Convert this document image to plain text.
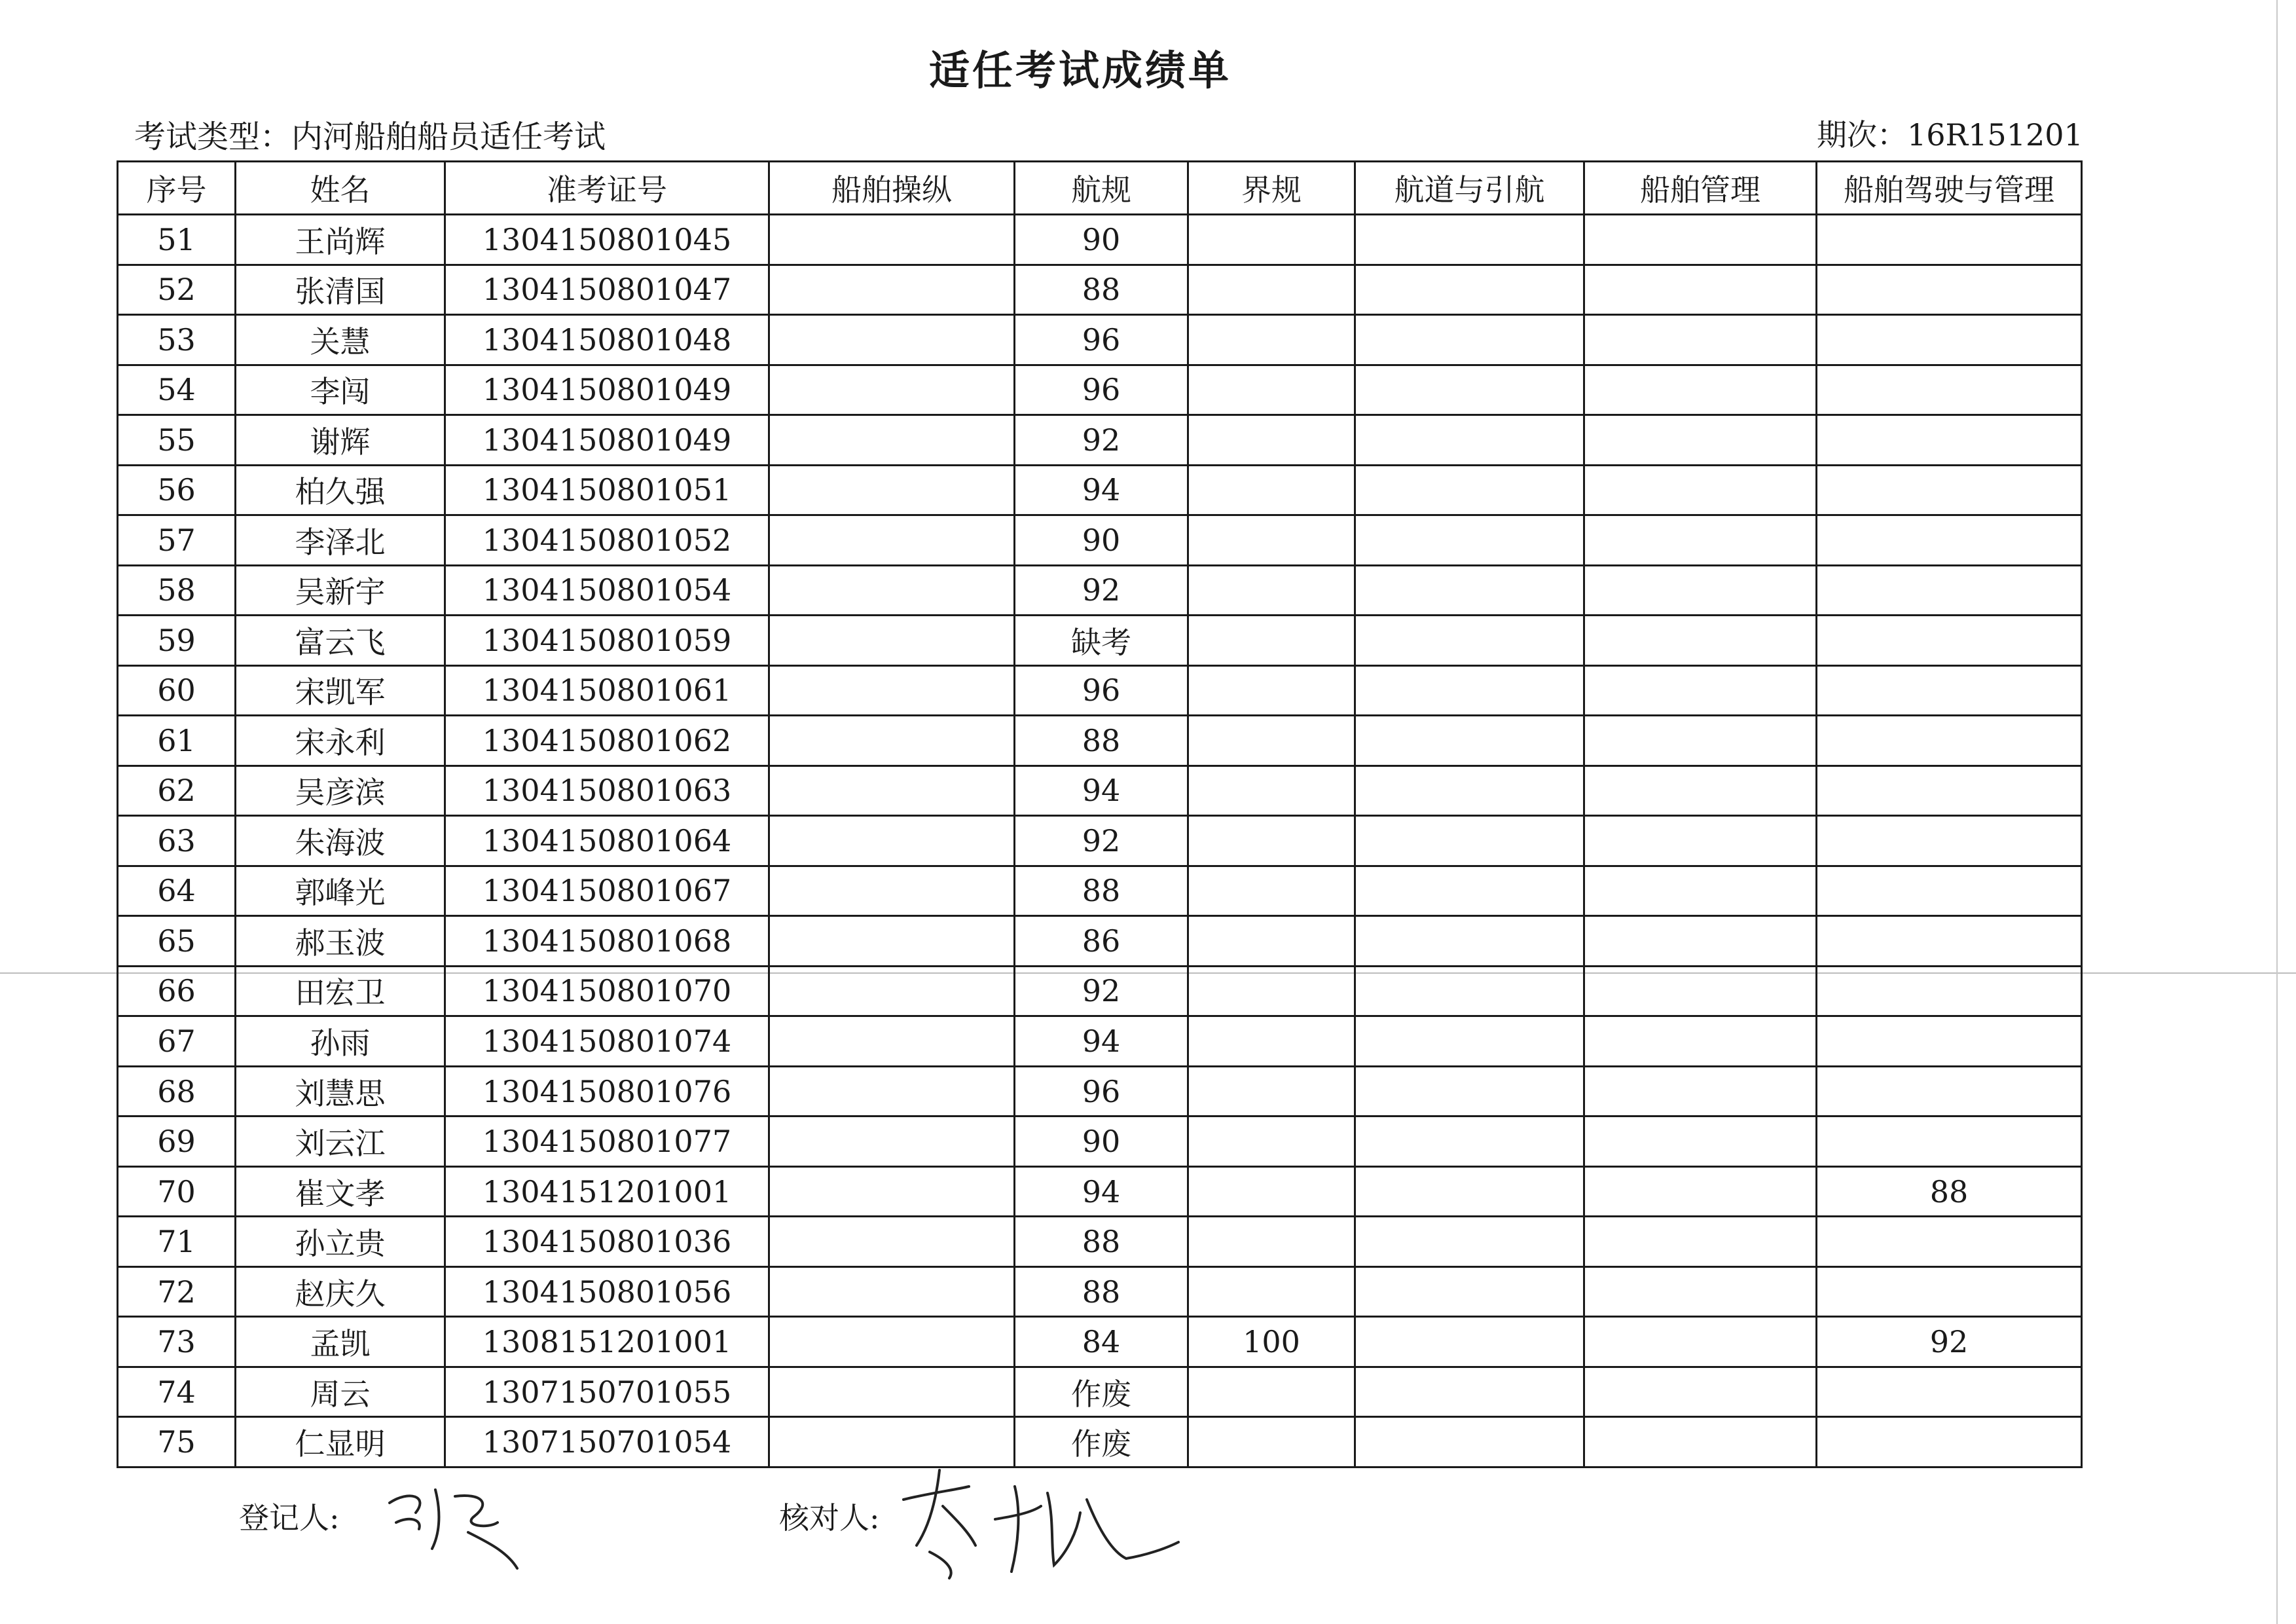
适任考试成绩单
考试类型：内河船舶船员适任考试	期次：16R151201
序号	姓名	准考证号	船舶操纵	航规	界规	航道与引航	船舶管理	船舶驾驶与管理
51	王尚辉	1304150801045		90				
52	张清国	1304150801047		88				
53	关慧	1304150801048		96				
54	李闯	1304150801049		96				
55	谢辉	1304150801049		92				
56	柏久强	1304150801051		94				
57	李泽北	1304150801052		90				
58	吴新宇	1304150801054		92				
59	富云飞	1304150801059		缺考				
60	宋凯军	1304150801061		96				
61	宋永利	1304150801062		88				
62	吴彦滨	1304150801063		94				
63	朱海波	1304150801064		92				
64	郭峰光	1304150801067		88				
65	郝玉波	1304150801068		86				
66	田宏卫	1304150801070		92				
67	孙雨	1304150801074		94				
68	刘慧思	1304150801076		96				
69	刘云江	1304150801077		90				
70	崔文孝	1304151201001		94				88
71	孙立贵	1304150801036		88				
72	赵庆久	1304150801056		88				
73	孟凯	1308151201001		84	100			92
74	周云	1307150701055		作废				
75	仁显明	1307150701054		作废				
登记人:	核对人:
